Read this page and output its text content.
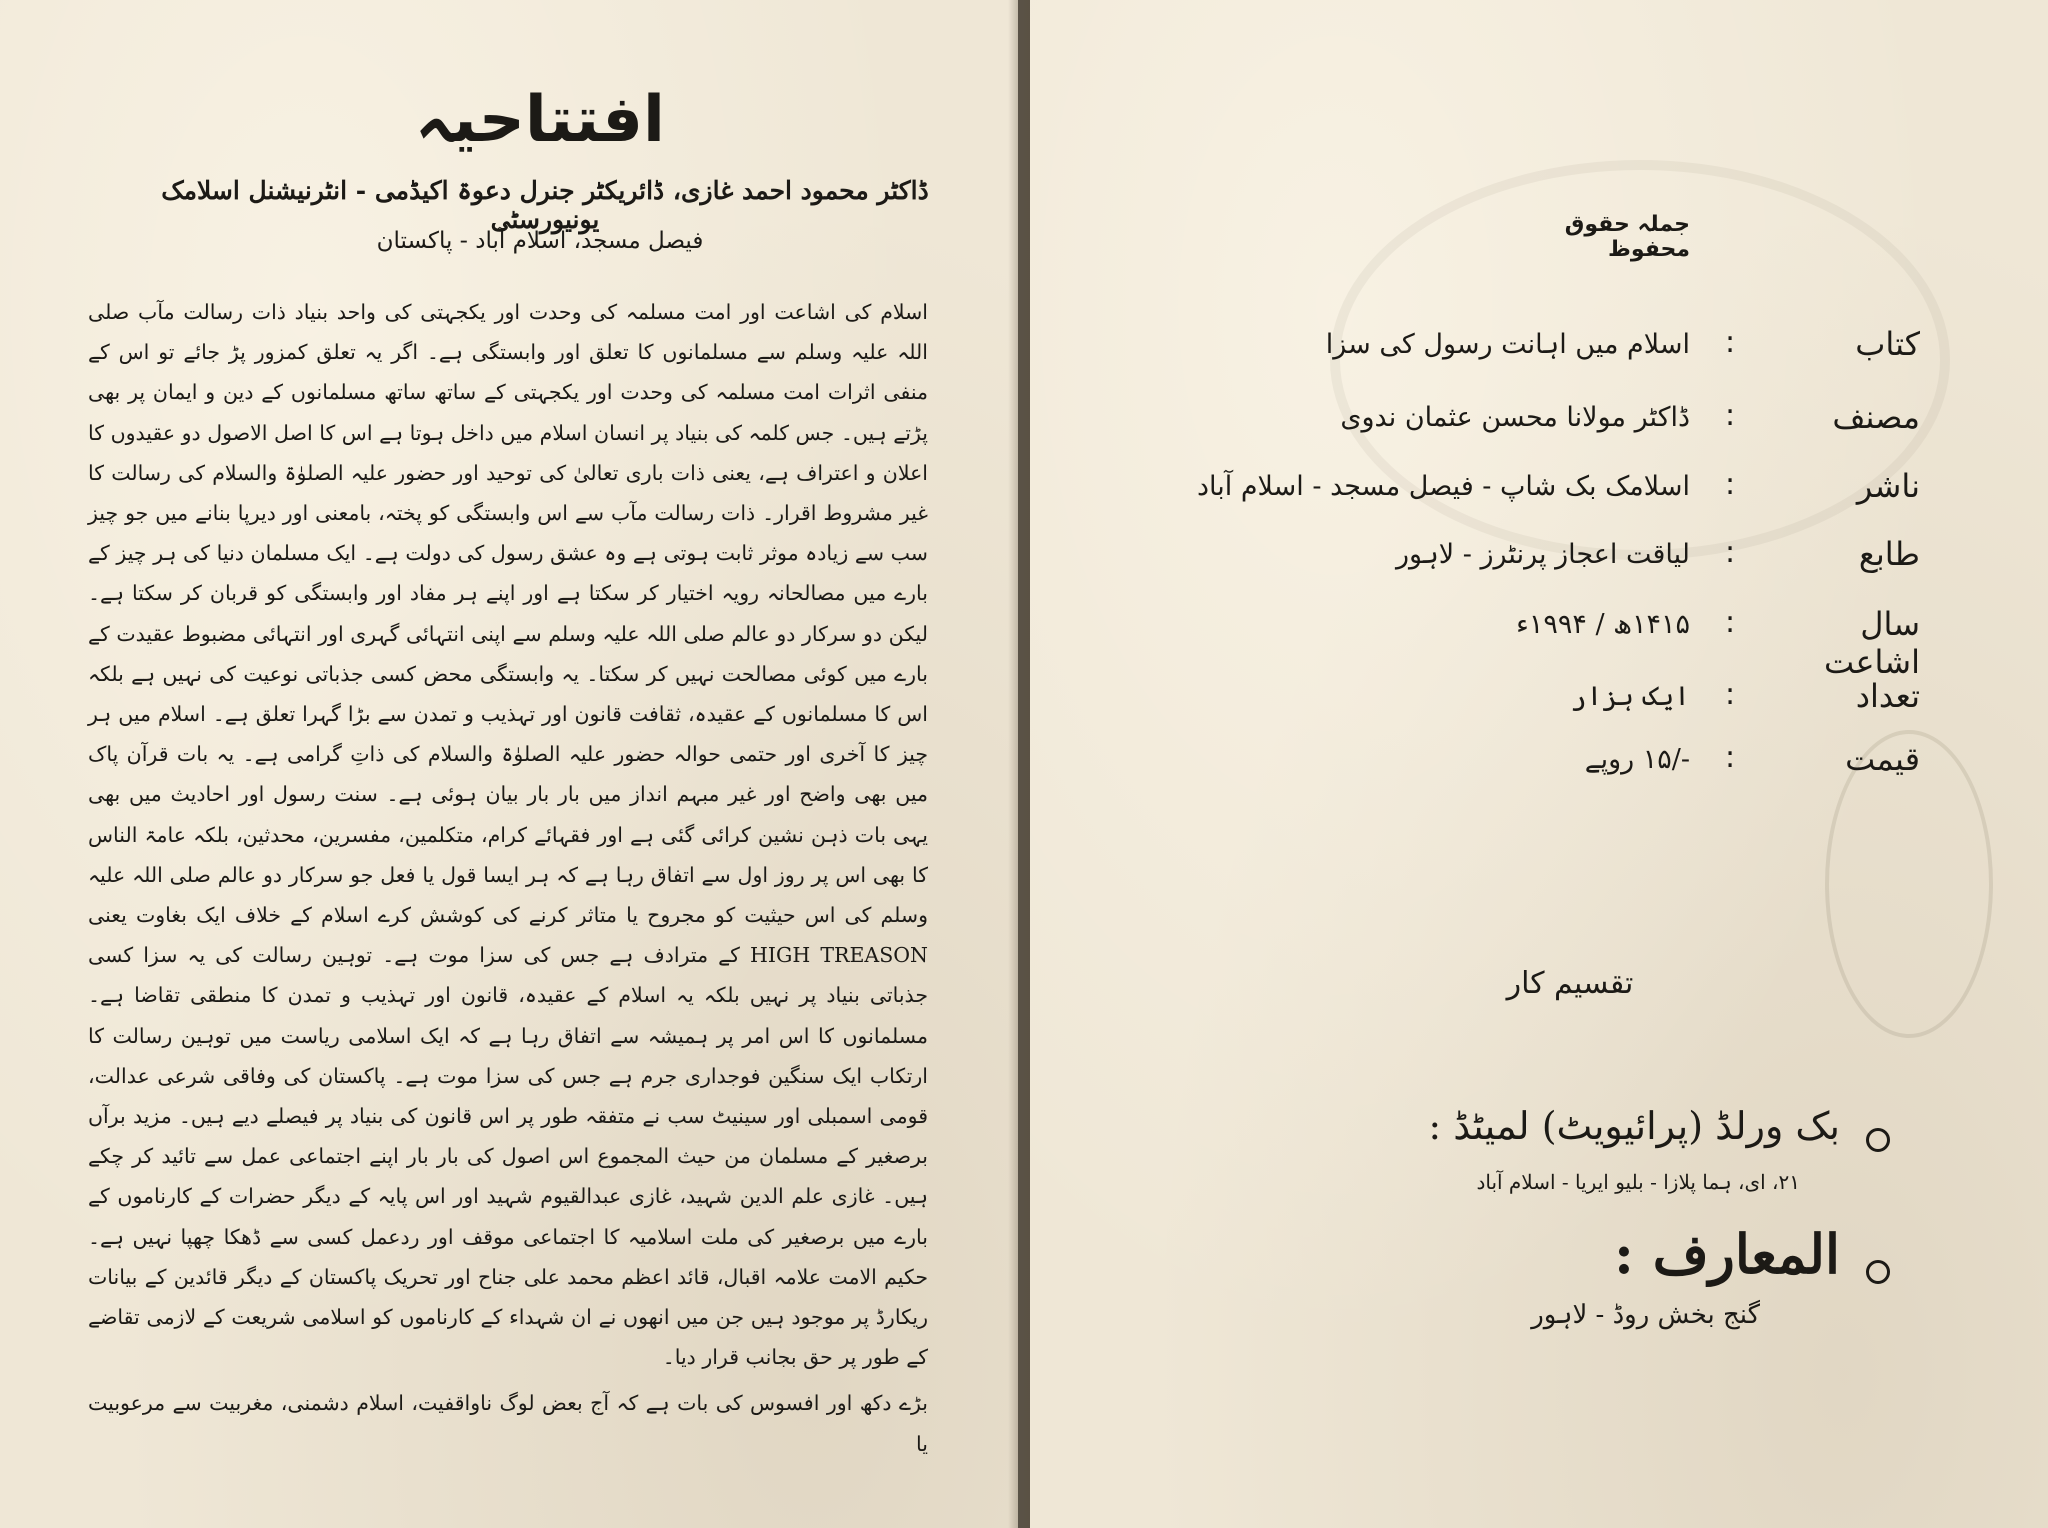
افتتاحیہ
ڈاکٹر محمود احمد غازی، ڈائریکٹر جنرل دعوۃ اکیڈمی - انٹرنیشنل اسلامک یونیورسٹی
فیصل مسجد، اسلام آباد - پاکستان
اسلام کی اشاعت اور امت مسلمہ کی وحدت اور یکجہتی کی واحد بنیاد ذات رسالت مآب صلی اللہ علیہ وسلم سے مسلمانوں کا تعلق اور وابستگی ہے۔ اگر یہ تعلق کمزور پڑ جائے تو اس کے منفی اثرات امت مسلمہ کی وحدت اور یکجہتی کے ساتھ ساتھ مسلمانوں کے دین و ایمان پر بھی پڑتے ہیں۔ جس کلمہ کی بنیاد پر انسان اسلام میں داخل ہوتا ہے اس کا اصل الاصول دو عقیدوں کا اعلان و اعتراف ہے، یعنی ذات باری تعالیٰ کی توحید اور حضور علیہ الصلوٰۃ والسلام کی رسالت کا غیر مشروط اقرار۔ ذات رسالت مآب سے اس وابستگی کو پختہ، بامعنی اور دیرپا بنانے میں جو چیز سب سے زیادہ موثر ثابت ہوتی ہے وہ عشق رسول کی دولت ہے۔ ایک مسلمان دنیا کی ہر چیز کے بارے میں مصالحانہ رویہ اختیار کر سکتا ہے اور اپنے ہر مفاد اور وابستگی کو قربان کر سکتا ہے۔ لیکن دو سرکار دو عالم صلی اللہ علیہ وسلم سے اپنی انتہائی گہری اور انتہائی مضبوط عقیدت کے بارے میں کوئی مصالحت نہیں کر سکتا۔ یہ وابستگی محض کسی جذباتی نوعیت کی نہیں ہے بلکہ اس کا مسلمانوں کے عقیدہ، ثقافت قانون اور تہذیب و تمدن سے بڑا گہرا تعلق ہے۔ اسلام میں ہر چیز کا آخری اور حتمی حوالہ حضور علیہ الصلوٰۃ والسلام کی ذاتِ گرامی ہے۔ یہ بات قرآن پاک میں بھی واضح اور غیر مبہم انداز میں بار بار بیان ہوئی ہے۔ سنت رسول اور احادیث میں بھی یہی بات ذہن نشین کرائی گئی ہے اور فقہائے کرام، متکلمین، مفسرین، محدثین، بلکہ عامۃ الناس کا بھی اس پر روز اول سے اتفاق رہا ہے کہ ہر ایسا قول یا فعل جو سرکار دو عالم صلی اللہ علیہ وسلم کی اس حیثیت کو مجروح یا متاثر کرنے کی کوشش کرے اسلام کے خلاف ایک بغاوت یعنی HIGH TREASON کے مترادف ہے جس کی سزا موت ہے۔ توہین رسالت کی یہ سزا کسی جذباتی بنیاد پر نہیں بلکہ یہ اسلام کے عقیدہ، قانون اور تہذیب و تمدن کا منطقی تقاضا ہے۔ مسلمانوں کا اس امر پر ہمیشہ سے اتفاق رہا ہے کہ ایک اسلامی ریاست میں توہین رسالت کا ارتکاب ایک سنگین فوجداری جرم ہے جس کی سزا موت ہے۔ پاکستان کی وفاقی شرعی عدالت، قومی اسمبلی اور سینیٹ سب نے متفقہ طور پر اس قانون کی بنیاد پر فیصلے دیے ہیں۔ مزید برآں برصغیر کے مسلمان من حیث المجموع اس اصول کی بار بار اپنے اجتماعی عمل سے تائید کر چکے ہیں۔ غازی علم الدین شہید، غازی عبدالقیوم شہید اور اس پایہ کے دیگر حضرات کے کارناموں کے بارے میں برصغیر کی ملت اسلامیہ کا اجتماعی موقف اور ردعمل کسی سے ڈھکا چھپا نہیں ہے۔ حکیم الامت علامہ اقبال، قائد اعظم محمد علی جناح اور تحریک پاکستان کے دیگر قائدین کے بیانات ریکارڈ پر موجود ہیں جن میں انھوں نے ان شہداء کے کارناموں کو اسلامی شریعت کے لازمی تقاضے کے طور پر حق بجانب قرار دیا۔
بڑے دکھ اور افسوس کی بات ہے کہ آج بعض لوگ ناواقفیت، اسلام دشمنی، مغربیت سے مرعوبیت یا
جملہ حقوق محفوظ
کتاب
:
اسلام میں اہانت رسول کی سزا
مصنف
:
ڈاکٹر مولانا محسن عثمان ندوی
ناشر
:
اسلامک بک شاپ - فیصل مسجد - اسلام آباد
طابع
:
لیاقت اعجاز پرنٹرز - لاہور
سال اشاعت
:
۱۴۱۵ھ / ۱۹۹۴ء
تعداد
:
ایک ہزار
قیمت
:
-/۱۵ روپے
تقسیم کار
بک ورلڈ (پرائیویٹ) لمیٹڈ :
۲۱، ای، ہما پلازا - بلیو ایریا - اسلام آباد
المعارف :
گنج بخش روڈ - لاہور
